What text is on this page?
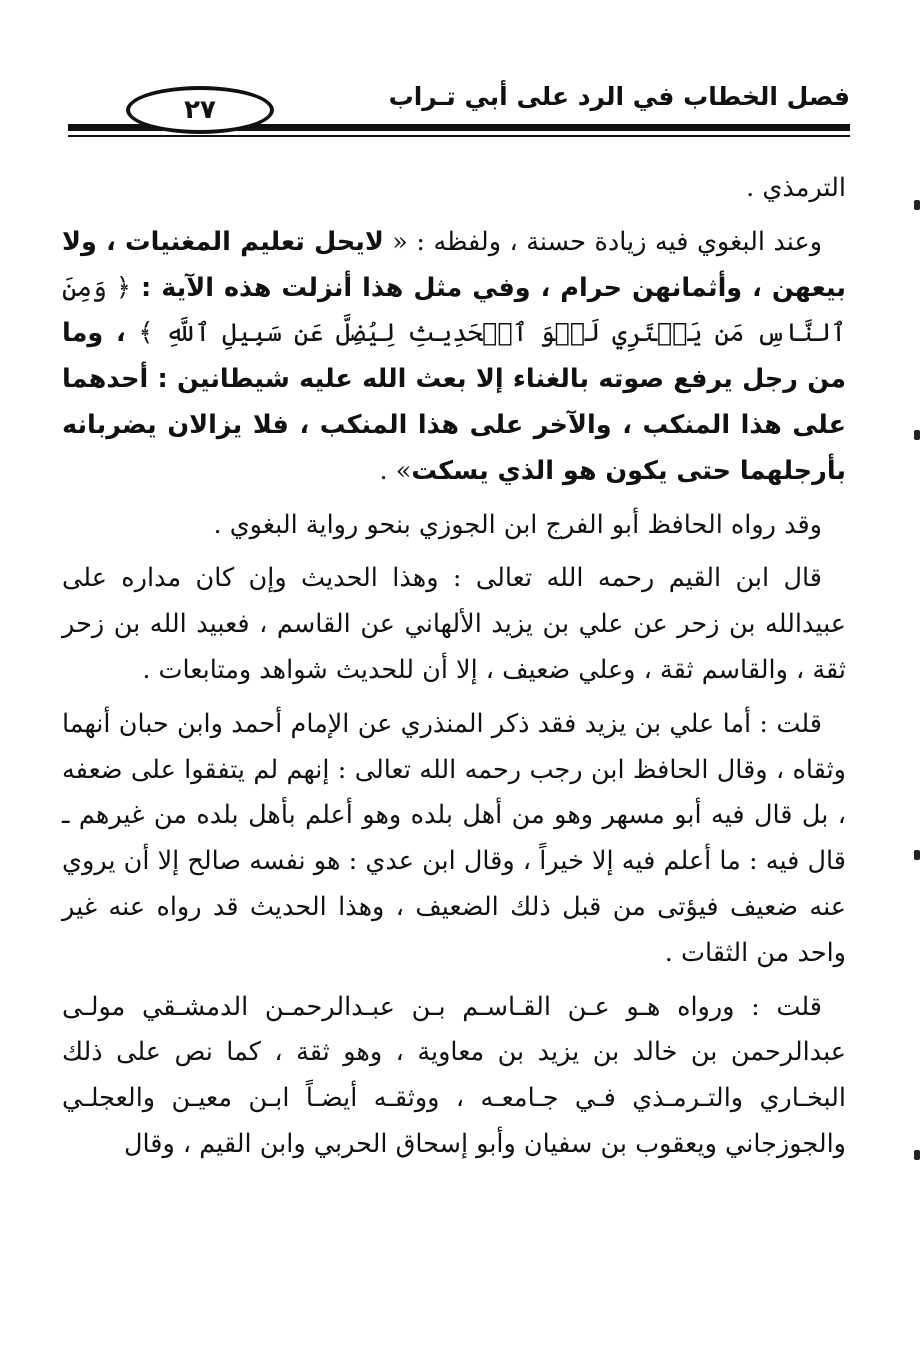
فصل الخطاب في الرد على أبي تـراب
٢٧

الترمذي .

وعند البغوي فيه زيادة حسنة ، ولفظه : « لايحل تعليم المغنيات ، ولا بيعهن ، وأثمانهن حرام ، وفي مثل هذا أنزلت هذه الآية : ﴿ وَمِنَ ٱلنَّاسِ مَن يَشۡتَرِي لَهۡوَ ٱلۡحَدِيثِ لِيُضِلَّ عَن سَبِيلِ ٱللَّهِ ﴾ ، وما من رجل يرفع صوته بالغناء إلا بعث الله عليه شيطانين : أحدهما على هذا المنكب ، والآخر على هذا المنكب ، فلا يزالان يضربانه بأرجلهما حتى يكون هو الذي يسكت» .

وقد رواه الحافظ أبو الفرج ابن الجوزي بنحو رواية البغوي .

قال ابن القيم رحمه الله تعالى : وهذا الحديث وإن كان مداره على عبيدالله بن زحر عن علي بن يزيد الألهاني عن القاسم ، فعبيد الله بن زحر ثقة ، والقاسم ثقة ، وعلي ضعيف ، إلا أن للحديث شواهد ومتابعات .

قلت : أما علي بن يزيد فقد ذكر المنذري عن الإمام أحمد وابن حبان أنهما وثقاه ، وقال الحافظ ابن رجب رحمه الله تعالى : إنهم لم يتفقوا على ضعفه ، بل قال فيه أبو مسهر وهو من أهل بلده وهو أعلم بأهل بلده من غيرهم ـ قال فيه : ما أعلم فيه إلا خيراً ، وقال ابن عدي : هو نفسه صالح إلا أن يروي عنه ضعيف فيؤتى من قبل ذلك الضعيف ، وهذا الحديث قد رواه عنه غير واحد من الثقات .

قلت : ورواه هـو عـن القـاسـم بـن عبـدالرحمـن الدمشـقي مولـى عبدالرحمن بن خالد بن يزيد بن معاوية ، وهو ثقة ، كما نص على ذلك البخـاري والتـرمـذي فـي جـامعـه ، ووثقـه أيضـاً ابـن معيـن والعجلـي والجوزجاني ويعقوب بن سفيان وأبو إسحاق الحربي وابن القيم ، وقال
